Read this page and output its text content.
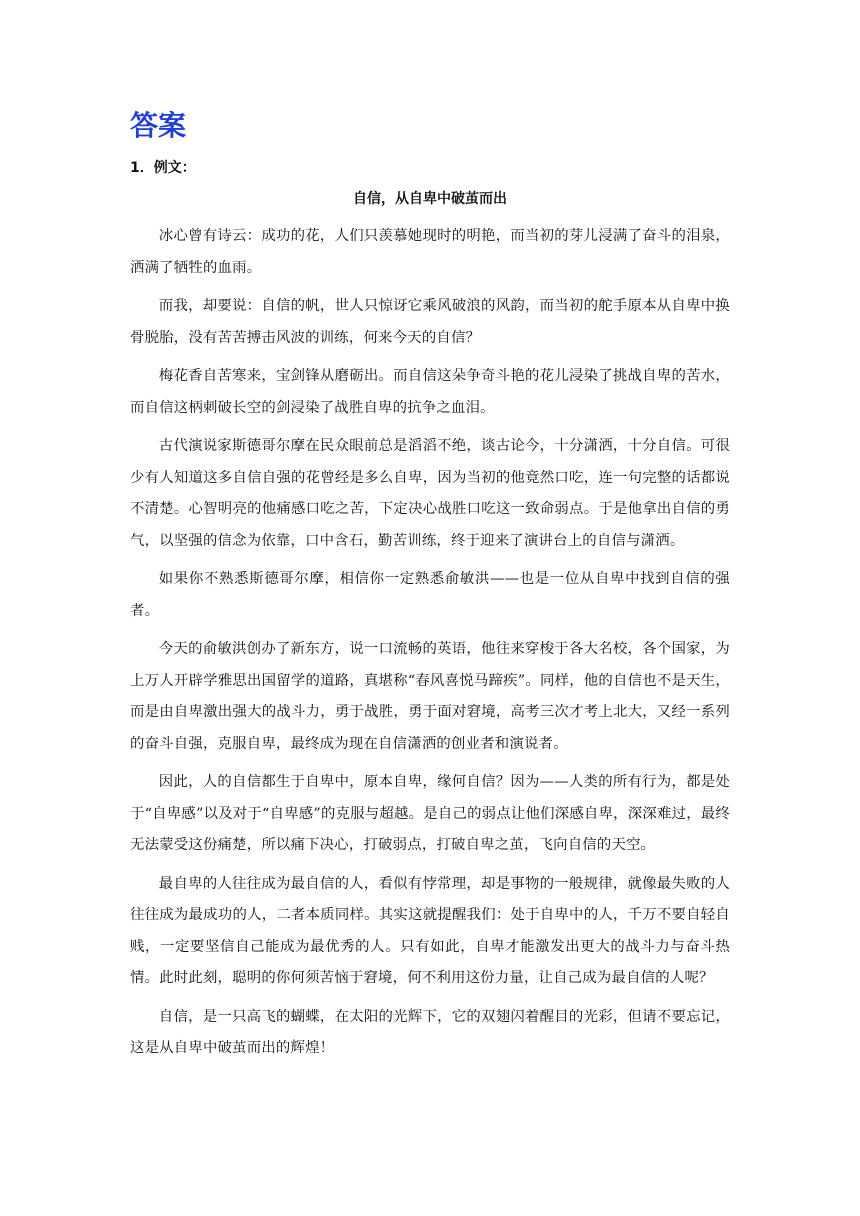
答案
1．例文：
自信，从自卑中破茧而出

冰心曾有诗云：成功的花，人们只羡慕她现时的明艳，而当初的芽儿浸满了奋斗的泪泉，洒满了牺牲的血雨。

而我，却要说：自信的帆，世人只惊讶它乘风破浪的风韵，而当初的舵手原本从自卑中换骨脱胎，没有苦苦搏击风波的训练，何来今天的自信？

梅花香自苦寒来，宝剑锋从磨砺出。而自信这朵争奇斗艳的花儿浸染了挑战自卑的苦水，而自信这柄刺破长空的剑浸染了战胜自卑的抗争之血泪。

古代演说家斯德哥尔摩在民众眼前总是滔滔不绝，谈古论今，十分潇洒，十分自信。可很少有人知道这多自信自强的花曾经是多么自卑，因为当初的他竟然口吃，连一句完整的话都说不清楚。心智明亮的他痛感口吃之苦，下定决心战胜口吃这一致命弱点。于是他拿出自信的勇气，以坚强的信念为依靠，口中含石，勤苦训练，终于迎来了演讲台上的自信与潇洒。

如果你不熟悉斯德哥尔摩，相信你一定熟悉俞敏洪——也是一位从自卑中找到自信的强者。

今天的俞敏洪创办了新东方，说一口流畅的英语，他往来穿梭于各大名校，各个国家，为上万人开辟学雅思出国留学的道路，真堪称“春风喜悦马蹄疾”。同样，他的自信也不是天生，而是由自卑激出强大的战斗力，勇于战胜，勇于面对窘境，高考三次才考上北大，又经一系列的奋斗自强，克服自卑，最终成为现在自信潇洒的创业者和演说者。

因此，人的自信都生于自卑中，原本自卑，缘何自信？因为——人类的所有行为，都是处于“自卑感”以及对于“自卑感”的克服与超越。是自己的弱点让他们深感自卑，深深难过，最终无法蒙受这份痛楚，所以痛下决心，打破弱点，打破自卑之茧，飞向自信的天空。

最自卑的人往往成为最自信的人，看似有悖常理，却是事物的一般规律，就像最失败的人往往成为最成功的人，二者本质同样。其实这就提醒我们：处于自卑中的人，千万不要自轻自贱，一定要坚信自己能成为最优秀的人。只有如此，自卑才能激发出更大的战斗力与奋斗热情。此时此刻，聪明的你何须苦恼于窘境，何不利用这份力量，让自己成为最自信的人呢？

自信，是一只高飞的蝴蝶，在太阳的光辉下，它的双翅闪着醒目的光彩，但请不要忘记，这是从自卑中破茧而出的辉煌！
